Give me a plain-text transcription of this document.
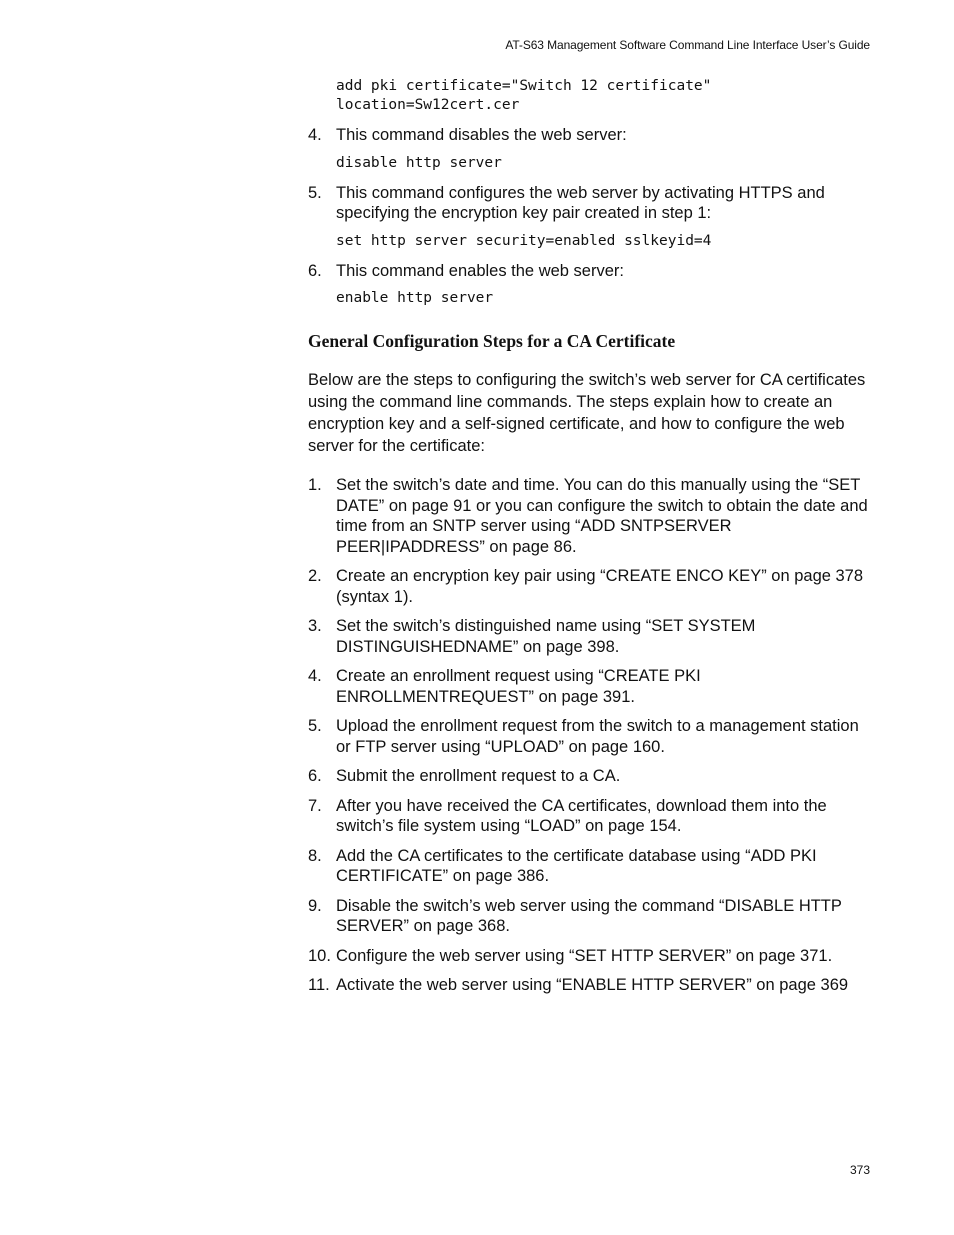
AT-S63 Management Software Command Line Interface User’s Guide
add pki certificate="Switch 12 certificate"
location=Sw12cert.cer
4. This command disables the web server:
disable http server
5. This command configures the web server by activating HTTPS and specifying the encryption key pair created in step 1:
set http server security=enabled sslkeyid=4
6. This command enables the web server:
enable http server
General Configuration Steps for a CA Certificate
Below are the steps to configuring the switch’s web server for CA certificates using the command line commands. The steps explain how to create an encryption key and a self-signed certificate, and how to configure the web server for the certificate:
1. Set the switch’s date and time. You can do this manually using the “SET DATE” on page 91 or you can configure the switch to obtain the date and time from an SNTP server using “ADD SNTPSERVER PEER|IPADDRESS” on page 86.
2. Create an encryption key pair using “CREATE ENCO KEY” on page 378 (syntax 1).
3. Set the switch’s distinguished name using “SET SYSTEM DISTINGUISHEDNAME” on page 398.
4. Create an enrollment request using “CREATE PKI ENROLLMENTREQUEST” on page 391.
5. Upload the enrollment request from the switch to a management station or FTP server using “UPLOAD” on page 160.
6. Submit the enrollment request to a CA.
7. After you have received the CA certificates, download them into the switch’s file system using “LOAD” on page 154.
8. Add the CA certificates to the certificate database using “ADD PKI CERTIFICATE” on page 386.
9. Disable the switch’s web server using the command “DISABLE HTTP SERVER” on page 368.
10. Configure the web server using “SET HTTP SERVER” on page 371.
11. Activate the web server using “ENABLE HTTP SERVER” on page 369
373
